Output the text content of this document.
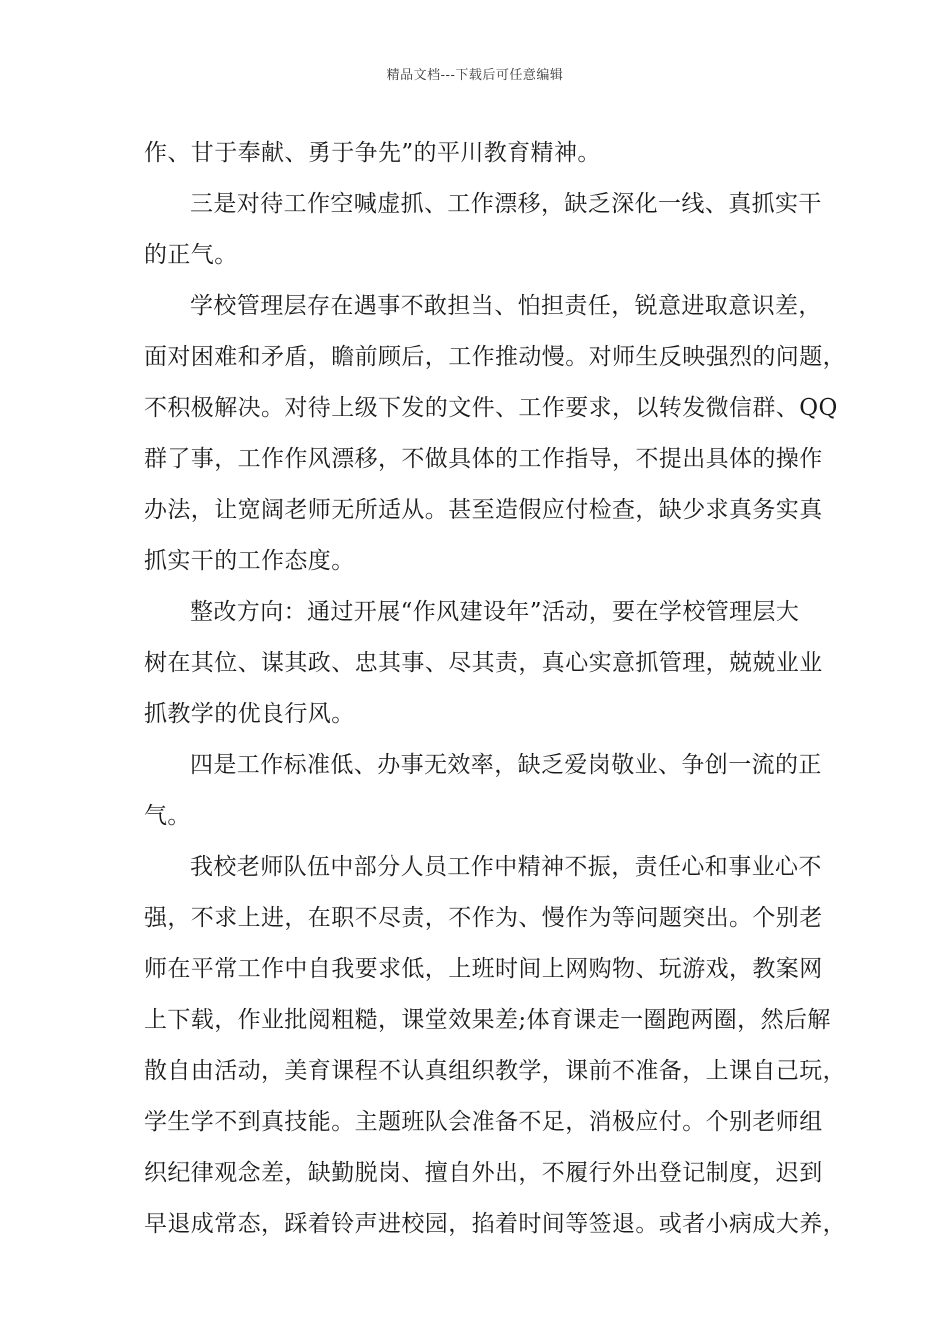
精品文档---下载后可任意编辑
作、甘于奉献、勇于争先”的平川教育精神。
三是对待工作空喊虚抓、工作漂移，缺乏深化一线、真抓实干
的正气。
学校管理层存在遇事不敢担当、怕担责任，锐意进取意识差，
面对困难和矛盾，瞻前顾后，工作推动慢。对师生反映强烈的问题，
不积极解决。对待上级下发的文件、工作要求，以转发微信群、QQ
群了事，工作作风漂移，不做具体的工作指导，不提出具体的操作
办法，让宽阔老师无所适从。甚至造假应付检查，缺少求真务实真
抓实干的工作态度。
整改方向：通过开展“作风建设年”活动，要在学校管理层大
树在其位、谋其政、忠其事、尽其责，真心实意抓管理，兢兢业业
抓教学的优良行风。
四是工作标准低、办事无效率，缺乏爱岗敬业、争创一流的正
气。
我校老师队伍中部分人员工作中精神不振，责任心和事业心不
强，不求上进，在职不尽责，不作为、慢作为等问题突出。个别老
师在平常工作中自我要求低，上班时间上网购物、玩游戏，教案网
上下载，作业批阅粗糙，课堂效果差;体育课走一圈跑两圈，然后解
散自由活动，美育课程不认真组织教学，课前不准备，上课自己玩，
学生学不到真技能。主题班队会准备不足，消极应付。个别老师组
织纪律观念差，缺勤脱岗、擅自外出，不履行外出登记制度，迟到
早退成常态，踩着铃声进校园，掐着时间等签退。或者小病成大养，
